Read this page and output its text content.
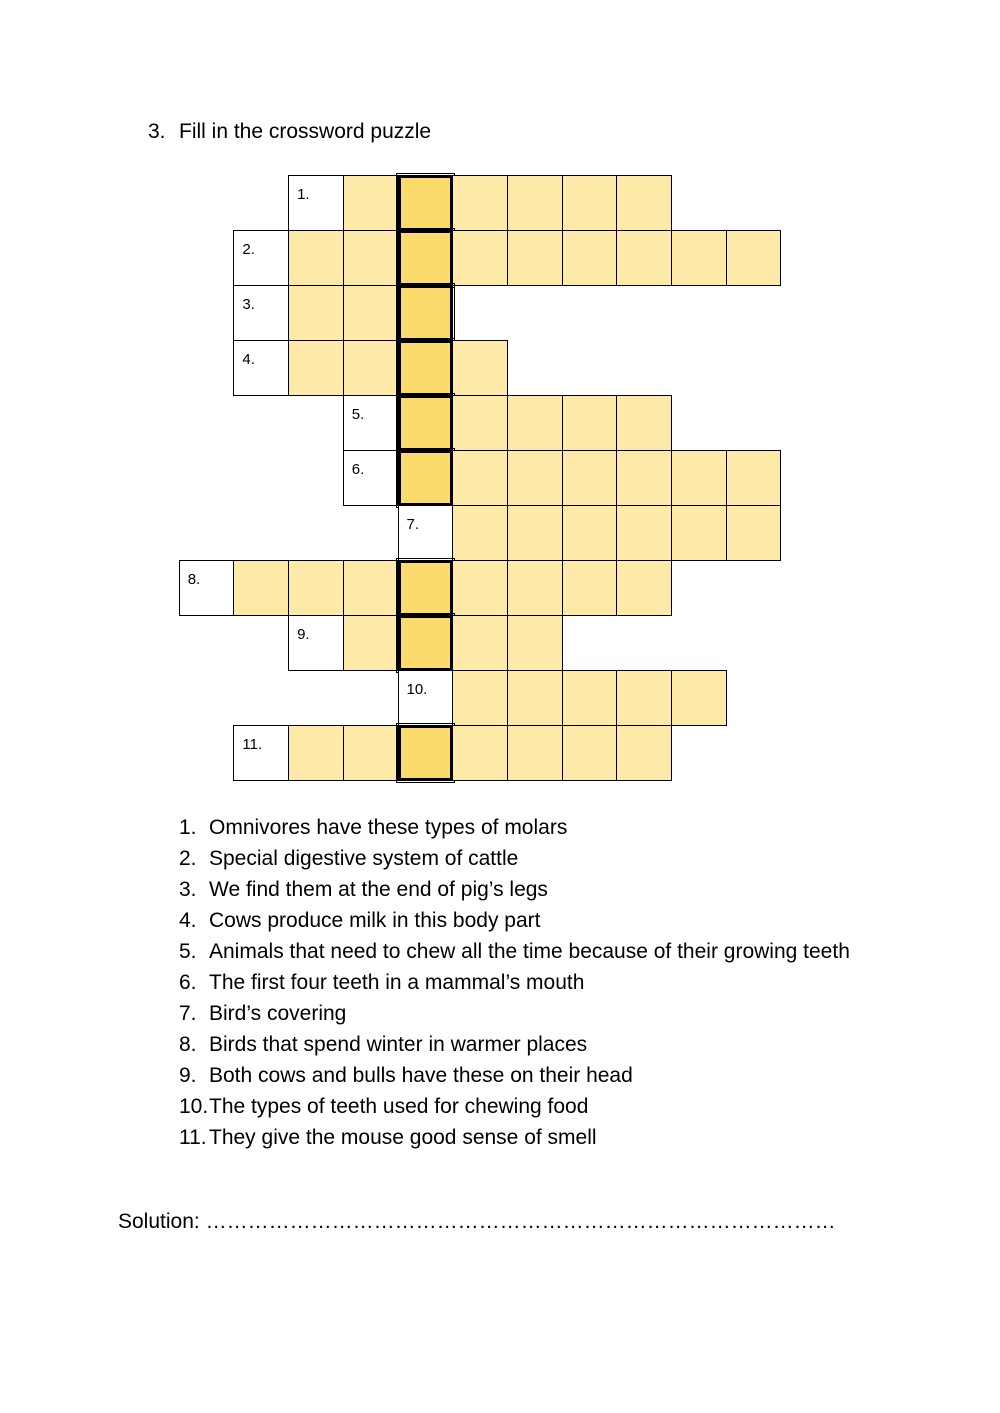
3. Fill in the crossword puzzle
1.
2.
3.
4.
5.
6.
7.
8.
9.
10.
11.
1. Omnivores have these types of molars
2. Special digestive system of cattle
3. We find them at the end of pig’s legs
4. Cows produce milk in this body part
5. Animals that need to chew all the time because of their growing teeth
6. The first four teeth in a mammal’s mouth
7. Bird’s covering
8. Birds that spend winter in warmer places
9. Both cows and bulls have these on their head
10.The types of teeth used for chewing food
11. They give the mouse good sense of smell
Solution: ………………………………………………………………………………
